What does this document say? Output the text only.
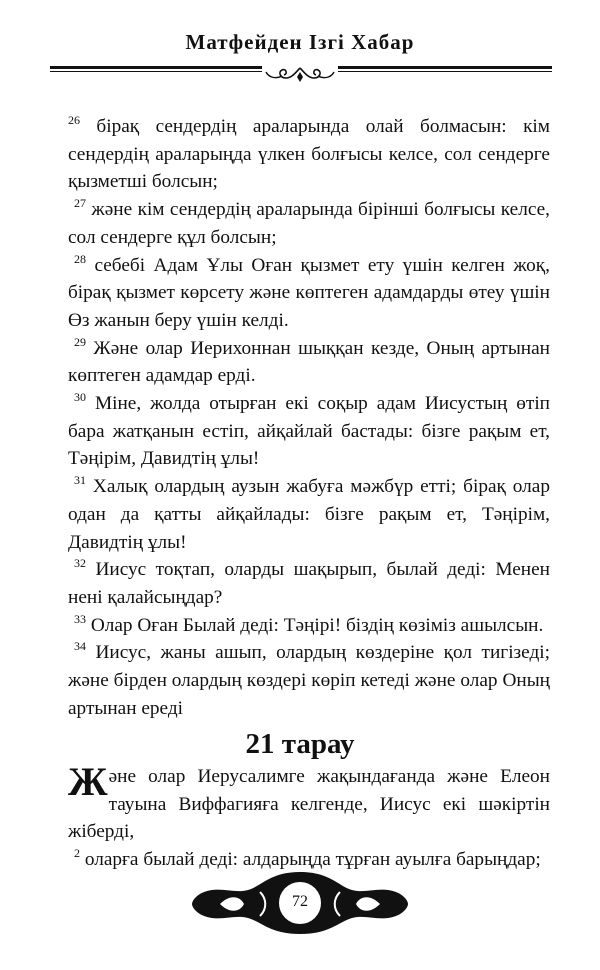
Матфейден Ізгі Хабар
$^{26}$ бірақ сендердің араларында олай болмасын: кім сендердің араларыңда үлкен болғысы келсе, сол сендерге қызметші болсын;
$^{27}$ және кім сендердің араларында бірінші болғысы келсе, сол сендерге құл болсын;
$^{28}$ себебі Адам Ұлы Оған қызмет ету үшін келген жоқ, бірақ қызмет көрсету және көптеген адамдарды өтеу үшін Өз жанын беру үшін келді.
$^{29}$ Және олар Иерихоннан шыққан кезде, Оның артынан көптеген адамдар ерді.
$^{30}$ Міне, жолда отырған екі соқыр адам Иисустың өтіп бара жатқанын естіп, айқайлай бастады: бізге рақым ет, Тәңірім, Давидтің ұлы!
$^{31}$ Халық олардың аузын жабуға мәжбүр етті; бірақ олар одан да қатты айқайлады: бізге рақым ет, Тәңірім, Давидтің ұлы!
$^{32}$ Иисус тоқтап, оларды шақырып, былай деді: Менен нені қалайсыңдар?
$^{33}$ Олар Оған Былай деді: Тәңірі! біздің көзіміз ашылсын.
$^{34}$ Иисус, жаны ашып, олардың көздеріне қол тигізеді; және бірден олардың көздері көріп кетеді және олар Оның артынан ереді
21 тарау
Және олар Иерусалимге жақындағанда және Елеон тауына Виффагияға келгенде, Иисус екі шәкіртін жіберді,
$^2$ оларға былай деді: алдарыңда тұрған ауылға барыңдар;
72
